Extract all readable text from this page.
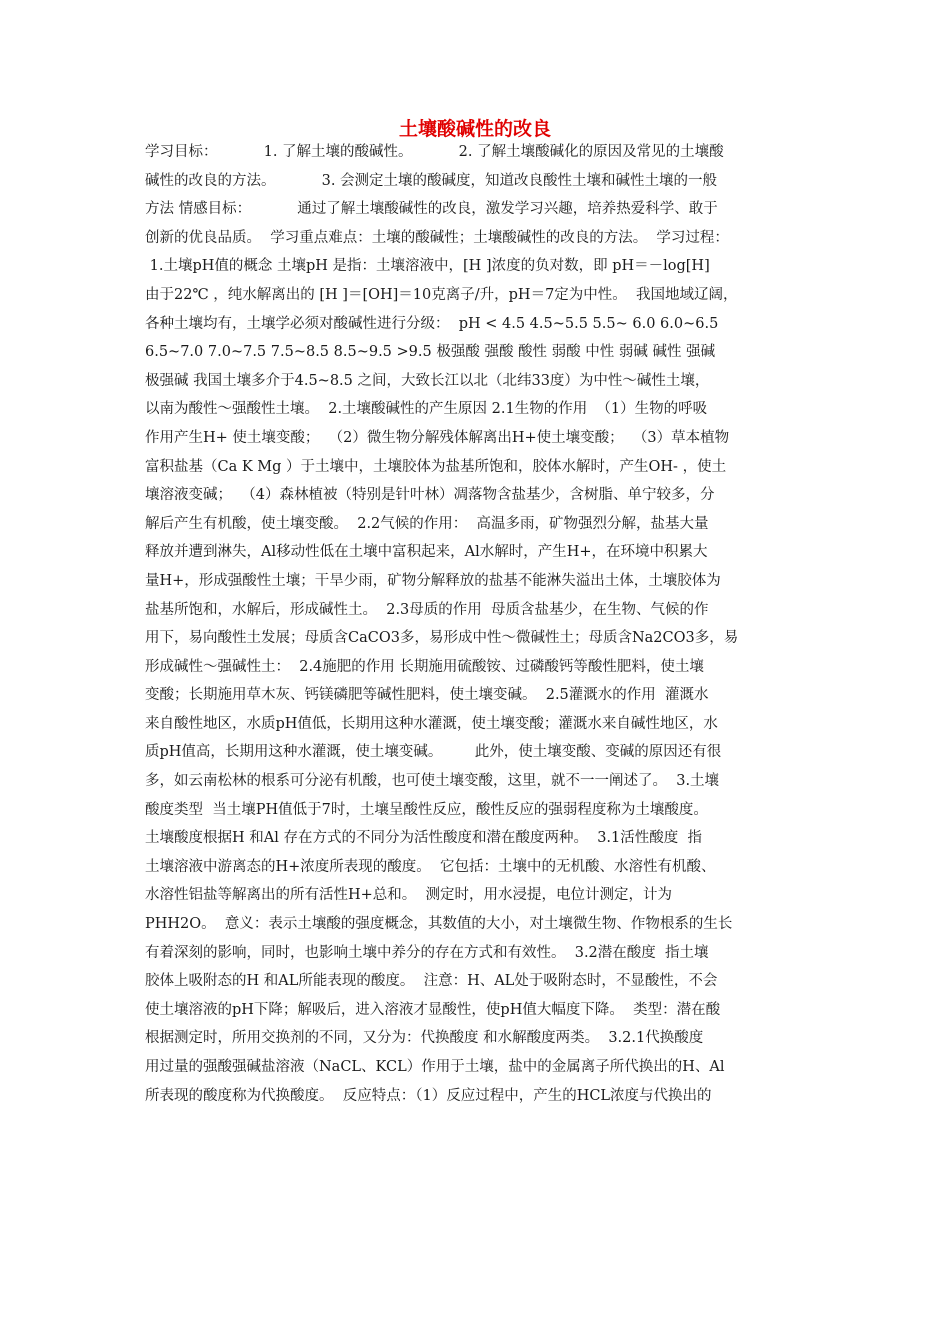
土壤酸碱性的改良
学习目标：          1. 了解土壤的酸碱性。          2. 了解土壤酸碱化的原因及常见的土壤酸
碱性的改良的方法。          3. 会测定土壤的酸碱度，知道改良酸性土壤和碱性土壤的一般
方法 情感目标：          通过了解土壤酸碱性的改良，激发学习兴趣，培养热爱科学、敢于
创新的优良品质。  学习重点难点：土壤的酸碱性；土壤酸碱性的改良的方法。  学习过程：
1.土壤pH值的概念 土壤pH 是指：土壤溶液中，[H ]浓度的负对数，即 pH＝－log[H]
由于22℃ ，纯水解离出的 [H ]＝[OH]＝10克离子/升，pH＝7定为中性。  我国地域辽阔，
各种土壤均有，土壤学必须对酸碱性进行分级：  pH < 4.5 4.5~5.5 5.5~ 6.0 6.0~6.5
6.5~7.0 7.0~7.5 7.5~8.5 8.5~9.5 >9.5 极强酸 强酸 酸性 弱酸 中性 弱碱 碱性 强碱
极强碱 我国土壤多介于4.5~8.5 之间，大致长江以北（北纬33度）为中性～碱性土壤，
以南为酸性～强酸性土壤。  2.土壤酸碱性的产生原因 2.1生物的作用  （1）生物的呼吸
作用产生H+ 使土壤变酸；  （2）微生物分解残体解离出H+使土壤变酸；  （3）草本植物
富积盐基（Ca K Mg ）于土壤中，土壤胶体为盐基所饱和，胶体水解时，产生OH- ，使土
壤溶液变碱；  （4）森林植被（特别是针叶林）凋落物含盐基少，含树脂、单宁较多，分
解后产生有机酸，使土壤变酸。  2.2气候的作用：  高温多雨，矿物强烈分解，盐基大量
释放并遭到淋失，Al移动性低在土壤中富积起来，Al水解时，产生H+，在环境中积累大
量H+，形成强酸性土壤；干旱少雨，矿物分解释放的盐基不能淋失溢出土体，土壤胶体为
盐基所饱和，水解后，形成碱性土。  2.3母质的作用  母质含盐基少，在生物、气候的作
用下，易向酸性土发展；母质含CaCO3多，易形成中性～微碱性土；母质含Na2CO3多，易
形成碱性～强碱性土：  2.4施肥的作用 长期施用硫酸铵、过磷酸钙等酸性肥料，使土壤
变酸；长期施用草木灰、钙镁磷肥等碱性肥料，使土壤变碱。  2.5灌溉水的作用  灌溉水
来自酸性地区，水质pH值低，长期用这种水灌溉，使土壤变酸；灌溉水来自碱性地区，水
质pH值高，长期用这种水灌溉，使土壤变碱。       此外，使土壤变酸、变碱的原因还有很
多，如云南松林的根系可分泌有机酸，也可使土壤变酸，这里，就不一一阐述了。  3.土壤
酸度类型  当土壤PH值低于7时，土壤呈酸性反应，酸性反应的强弱程度称为土壤酸度。
土壤酸度根据H 和Al 存在方式的不同分为活性酸度和潜在酸度两种。  3.1活性酸度  指
土壤溶液中游离态的H+浓度所表现的酸度。  它包括：土壤中的无机酸、水溶性有机酸、
水溶性铝盐等解离出的所有活性H+总和。  测定时，用水浸提，电位计测定，计为
PHH2O。  意义：表示土壤酸的强度概念，其数值的大小，对土壤微生物、作物根系的生长
有着深刻的影响，同时，也影响土壤中养分的存在方式和有效性。  3.2潜在酸度  指土壤
胶体上吸附态的H 和AL所能表现的酸度。  注意：H、AL处于吸附态时，不显酸性，不会
使土壤溶液的pH下降；解吸后，进入溶液才显酸性，使pH值大幅度下降。  类型：潜在酸
根据测定时，所用交换剂的不同，又分为：代换酸度 和水解酸度两类。  3.2.1代换酸度
用过量的强酸强碱盐溶液（NaCL、KCL）作用于土壤，盐中的金属离子所代换出的H、Al
所表现的酸度称为代换酸度。  反应特点：（1）反应过程中，产生的HCL浓度与代换出的
